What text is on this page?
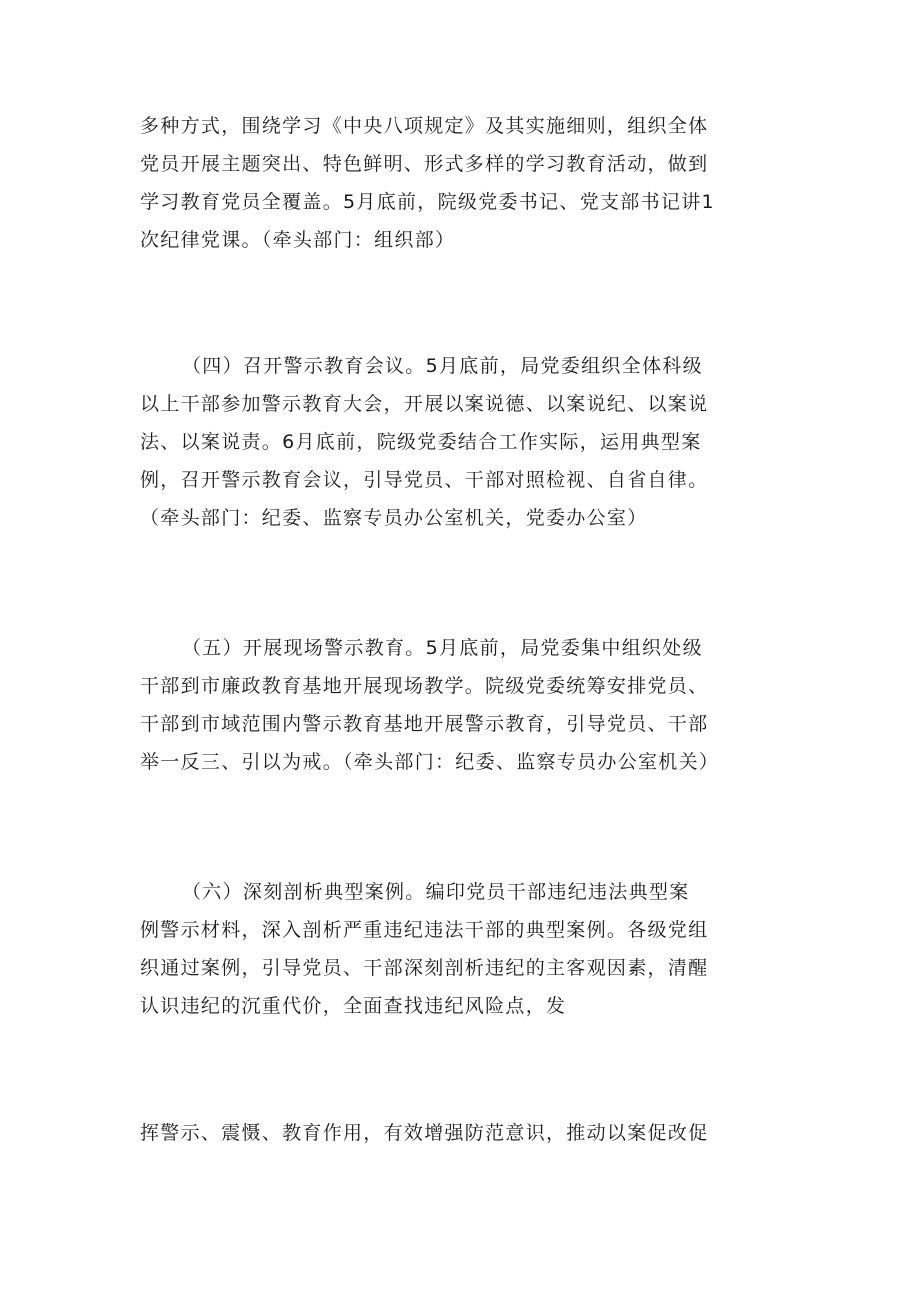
多种方式，围绕学习《中央八项规定》及其实施细则，组织全体
党员开展主题突出、特色鲜明、形式多样的学习教育活动，做到
学习教育党员全覆盖。5月底前，院级党委书记、党支部书记讲1
次纪律党课。（牵头部门：组织部）

（四）召开警示教育会议。5月底前，局党委组织全体科级
以上干部参加警示教育大会，开展以案说德、以案说纪、以案说
法、以案说责。6月底前，院级党委结合工作实际，运用典型案
例，召开警示教育会议，引导党员、干部对照检视、自省自律。
（牵头部门：纪委、监察专员办公室机关，党委办公室）

（五）开展现场警示教育。5月底前，局党委集中组织处级
干部到市廉政教育基地开展现场教学。院级党委统筹安排党员、
干部到市域范围内警示教育基地开展警示教育，引导党员、干部
举一反三、引以为戒。（牵头部门：纪委、监察专员办公室机关）

（六）深刻剖析典型案例。编印党员干部违纪违法典型案
例警示材料，深入剖析严重违纪违法干部的典型案例。各级党组
织通过案例，引导党员、干部深刻剖析违纪的主客观因素，清醒
认识违纪的沉重代价，全面查找违纪风险点，发

挥警示、震慑、教育作用，有效增强防范意识，推动以案促改促
